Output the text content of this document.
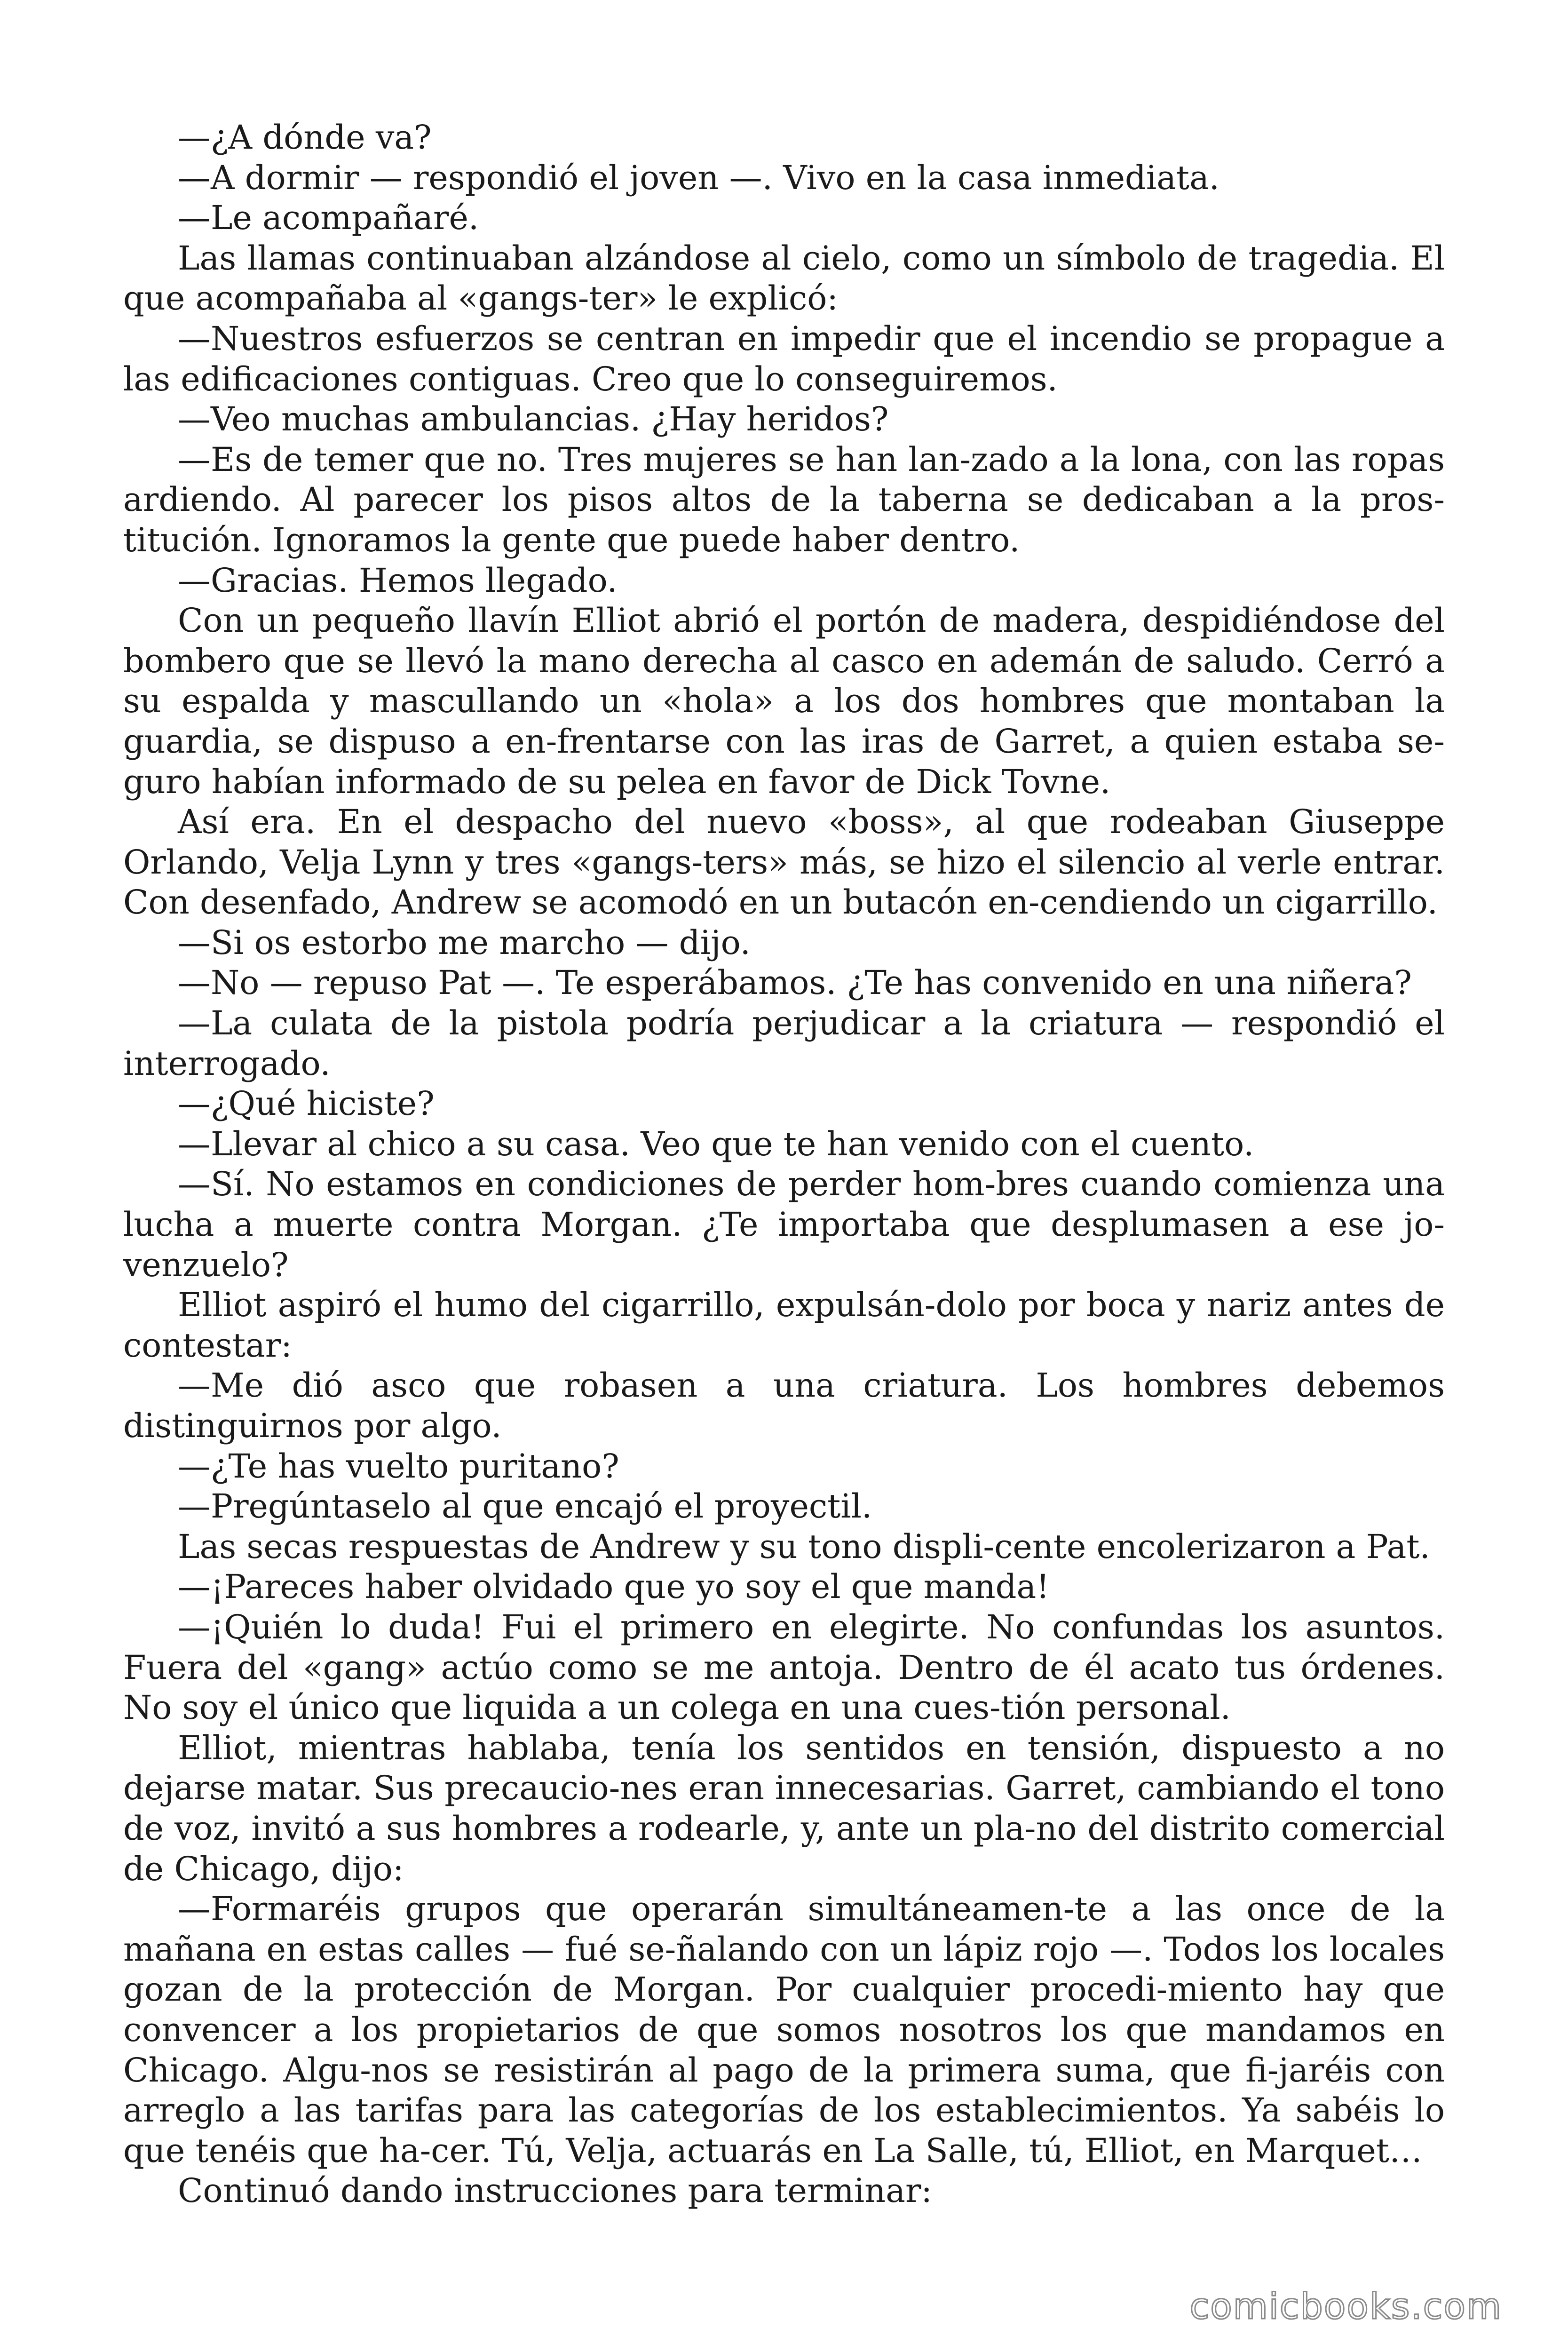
—¿A dónde va?

—A dormir — respondió el joven —. Vivo en la casa inmediata.

—Le acompañaré.

Las llamas continuaban alzándose al cielo, como un símbolo de tragedia. El que acompañaba al «gangs-ter» le explicó:

—Nuestros esfuerzos se centran en impedir que el incendio se propague a las edificaciones contiguas. Creo que lo conseguiremos.

—Veo muchas ambulancias. ¿Hay heridos?

—Es de temer que no. Tres mujeres se han lan-zado a la lona, con las ropas ardiendo. Al parecer los pisos altos de la taberna se dedicaban a la pros-titución. Ignoramos la gente que puede haber dentro.

—Gracias. Hemos llegado.

Con un pequeño llavín Elliot abrió el portón de madera, despidiéndose del bombero que se llevó la mano derecha al casco en ademán de saludo. Cerró a su espalda y mascullando un «hola» a los dos hombres que montaban la guardia, se dispuso a en-frentarse con las iras de Garret, a quien estaba se-guro habían informado de su pelea en favor de Dick Tovne.

Así era. En el despacho del nuevo «boss», al que rodeaban Giuseppe Orlando, Velja Lynn y tres «gangs-ters» más, se hizo el silencio al verle entrar. Con desenfado, Andrew se acomodó en un butacón en-cendiendo un cigarrillo.

—Si os estorbo me marcho — dijo.

—No — repuso Pat —. Te esperábamos. ¿Te has convenido en una niñera?

—La culata de la pistola podría perjudicar a la criatura — respondió el interrogado.

—¿Qué hiciste?

—Llevar al chico a su casa. Veo que te han venido con el cuento.

—Sí. No estamos en condiciones de perder hom-bres cuando comienza una lucha a muerte contra Morgan. ¿Te importaba que desplumasen a ese jo-venzuelo?

Elliot aspiró el humo del cigarrillo, expulsán-dolo por boca y nariz antes de contestar:

—Me dió asco que robasen a una criatura. Los hombres debemos distinguirnos por algo.

—¿Te has vuelto puritano?

—Pregúntaselo al que encajó el proyectil.

Las secas respuestas de Andrew y su tono displi-cente encolerizaron a Pat.

—¡Pareces haber olvidado que yo soy el que manda!

—¡Quién lo duda! Fui el primero en elegirte. No confundas los asuntos. Fuera del «gang» actúo como se me antoja. Dentro de él acato tus órdenes. No soy el único que liquida a un colega en una cues-tión personal.

Elliot, mientras hablaba, tenía los sentidos en tensión, dispuesto a no dejarse matar. Sus precaucio-nes eran innecesarias. Garret, cambiando el tono de voz, invitó a sus hombres a rodearle, y, ante un pla-no del distrito comercial de Chicago, dijo:

—Formaréis grupos que operarán simultáneamen-te a las once de la mañana en estas calles — fué se-ñalando con un lápiz rojo —. Todos los locales gozan de la protección de Morgan. Por cualquier procedi-miento hay que convencer a los propietarios de que somos nosotros los que mandamos en Chicago. Algu-nos se resistirán al pago de la primera suma, que fi-jaréis con arreglo a las tarifas para las categorías de los establecimientos. Ya sabéis lo que tenéis que ha-cer. Tú, Velja, actuarás en La Salle, tú, Elliot, en Marquet…

Continuó dando instrucciones para terminar:

comicbooks.com
